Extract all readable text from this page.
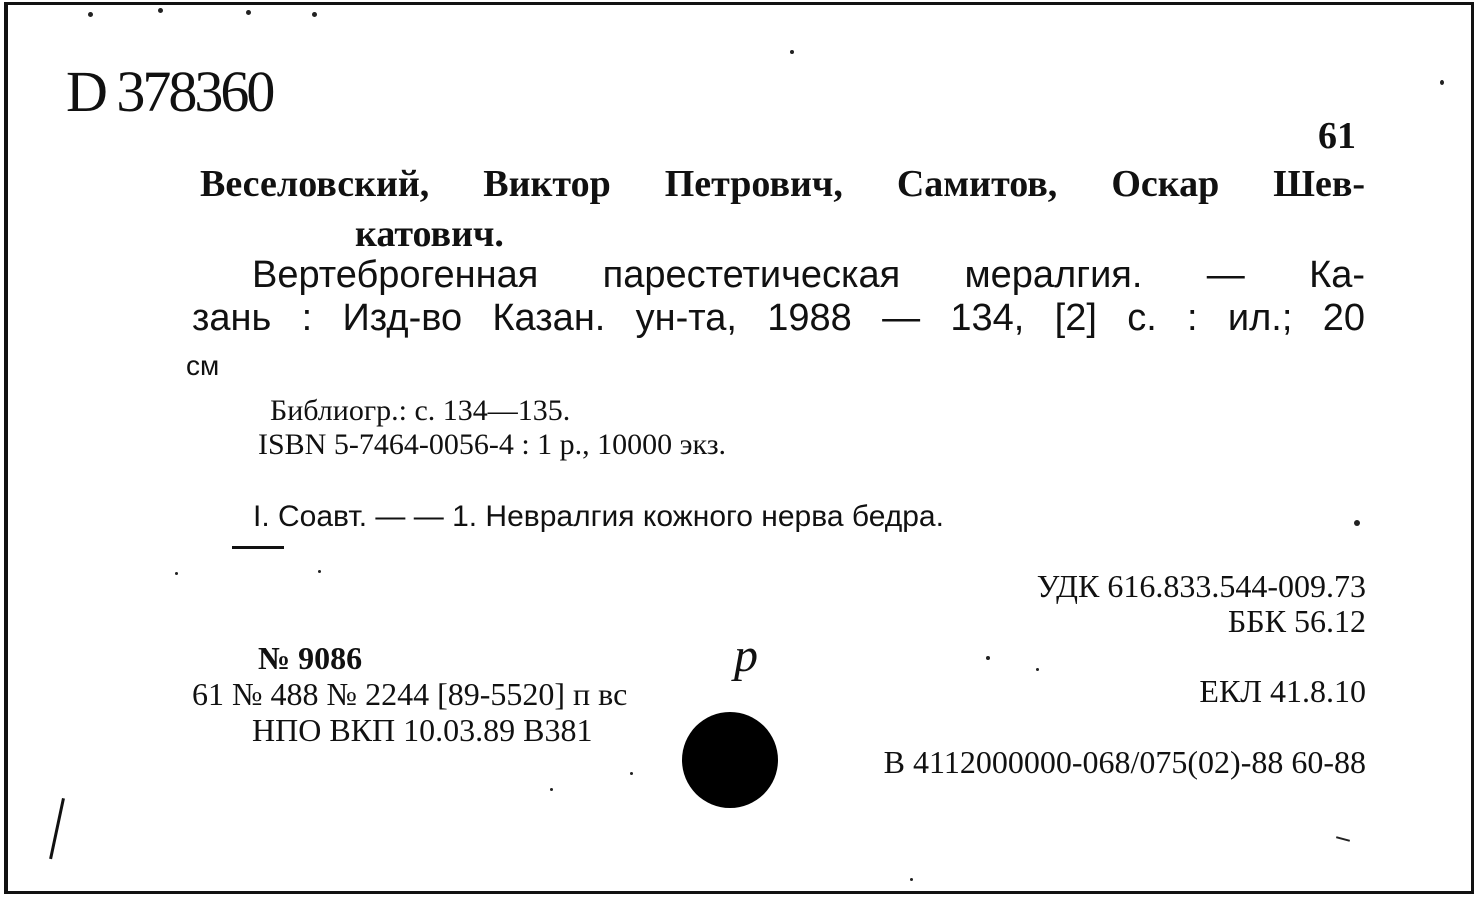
D 378360
61
Веселовский, Виктор Петрович, Самитов, Оскар Шев-
катович.
Вертеброгенная парестетическая мералгия. — Ка-
зань : Изд-во Казан. ун-та, 1988 — 134, [2] с. : ил.; 20
см
Библиогр.: с. 134—135.
ISBN 5-7464-0056-4 : 1 р., 10000 экз.
I. Соавт. — — 1. Невралгия кожного нерва бедра.
УДК 616.833.544-009.73
ББК 56.12
№ 9086	р
61 № 488 № 2244 [89-5520] п вс	ЕКЛ 41.8.10
НПО ВКП 10.03.89 В381
В 4112000000-068/075(02)-88 60-88
